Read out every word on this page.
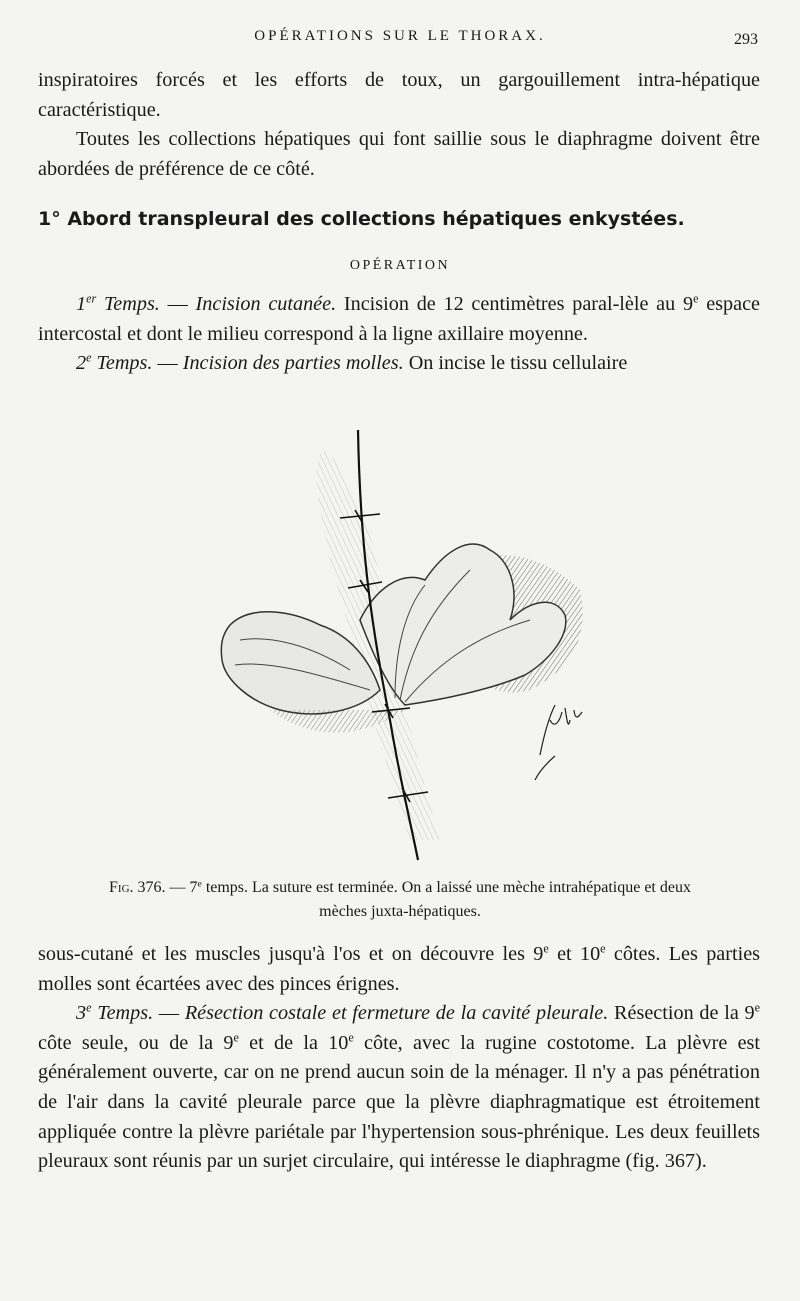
OPÉRATIONS SUR LE THORAX.	293

inspiratoires forcés et les efforts de toux, un gargouillement intra-hépatique caractéristique.

Toutes les collections hépatiques qui font saillie sous le diaphragme doivent être abordées de préférence de ce côté.

1° Abord transpleural des collections hépatiques enkystées.
OPÉRATION

1er Temps. — Incision cutanée. Incision de 12 centimètres paral-lèle au 9e espace intercostal et dont le milieu correspond à la ligne axillaire moyenne.

2e Temps. — Incision des parties molles. On incise le tissu cellulaire

Fig. 376. — 7e temps. La suture est terminée. On a laissé une mèche intrahépatique et deux mèches juxta-hépatiques.

sous-cutané et les muscles jusqu'à l'os et on découvre les 9e et 10e côtes. Les parties molles sont écartées avec des pinces érignes.

3e Temps. — Résection costale et fermeture de la cavité pleurale. Résection de la 9e côte seule, ou de la 9e et de la 10e côte, avec la rugine costotome. La plèvre est généralement ouverte, car on ne prend aucun soin de la ménager. Il n'y a pas pénétration de l'air dans la cavité pleurale parce que la plèvre diaphragmatique est étroitement appliquée contre la plèvre pariétale par l'hypertension sous-phrénique. Les deux feuillets pleuraux sont réunis par un surjet circulaire, qui intéresse le diaphragme (fig. 367).
